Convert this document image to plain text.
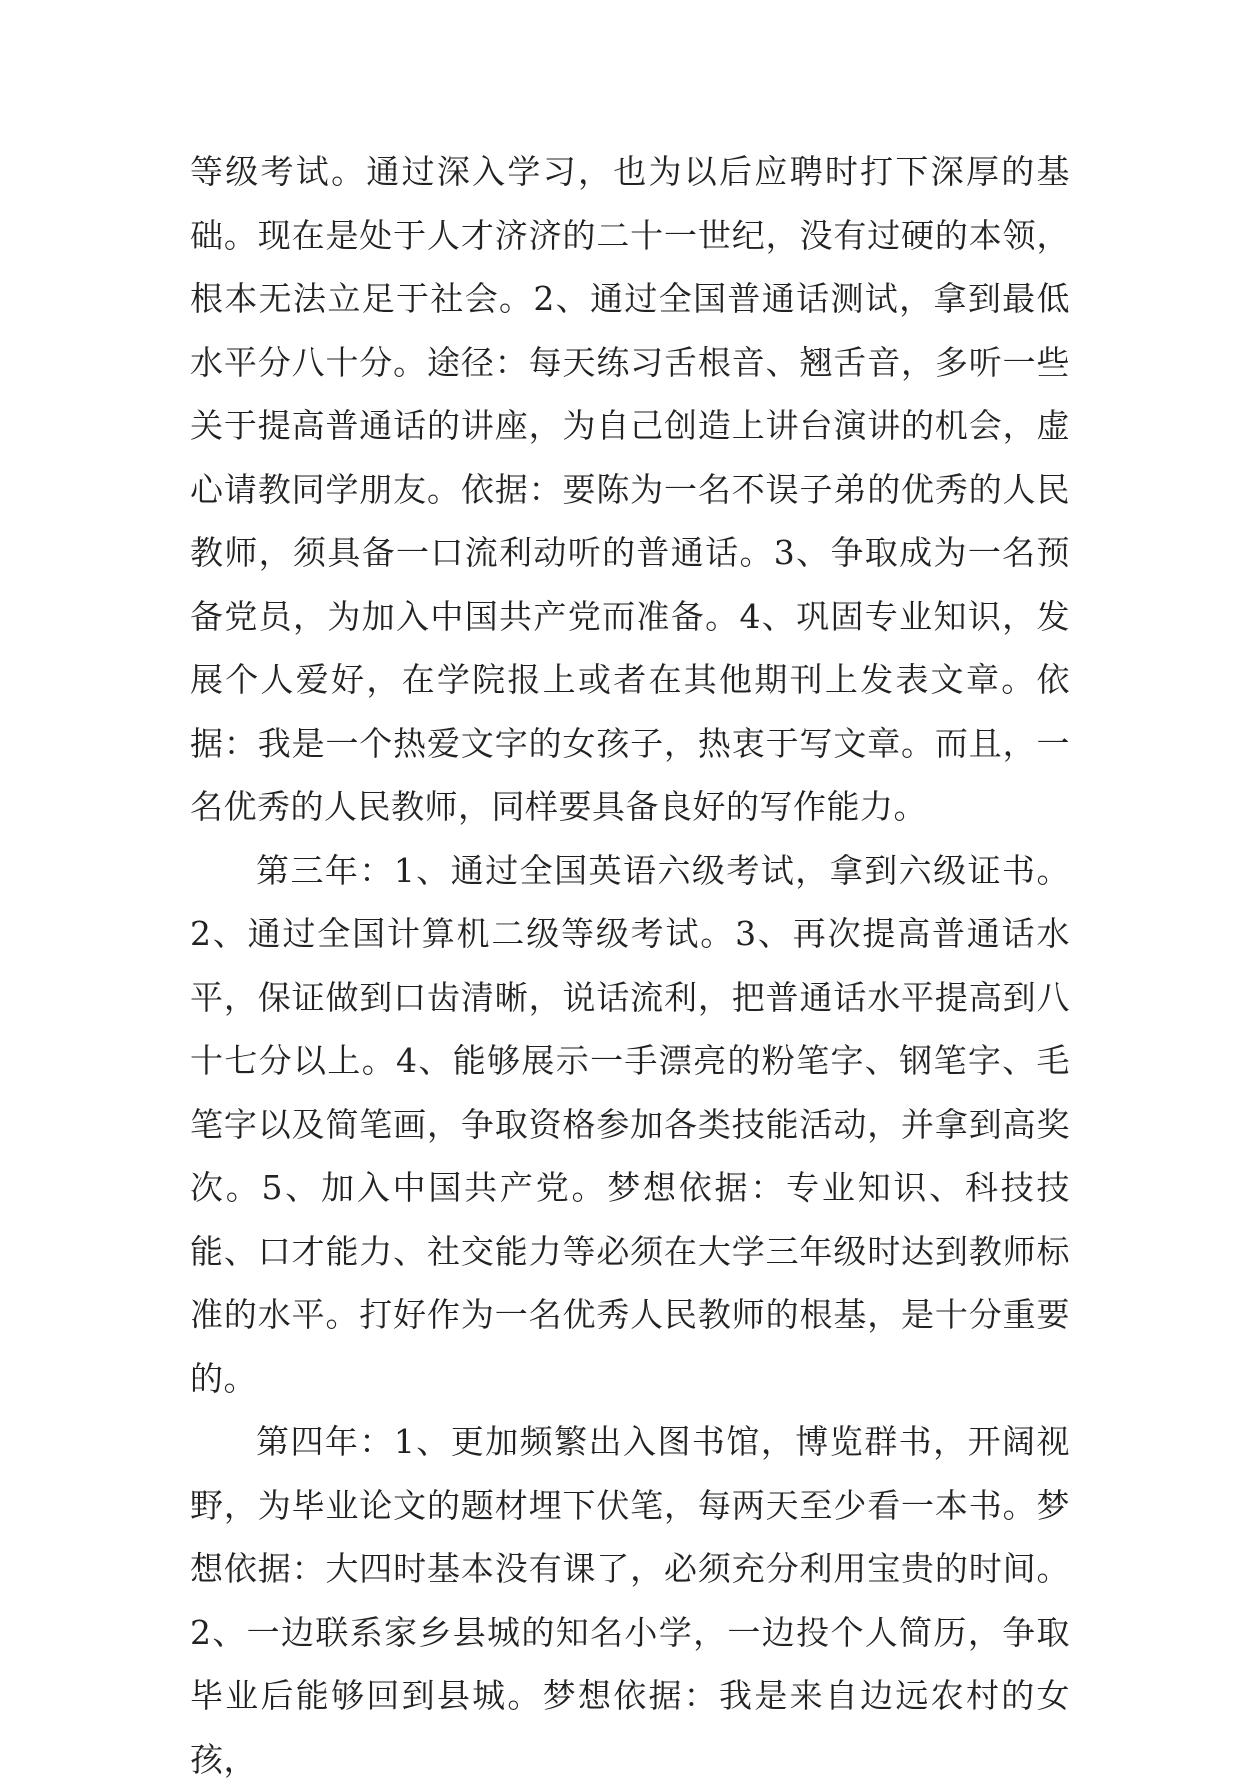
等级考试。通过深入学习，也为以后应聘时打下深厚的基础。现在是处于人才济济的二十一世纪，没有过硬的本领，根本无法立足于社会。2、通过全国普通话测试，拿到最低水平分八十分。途径：每天练习舌根音、翘舌音，多听一些关于提高普通话的讲座，为自己创造上讲台演讲的机会，虚心请教同学朋友。依据：要陈为一名不误子弟的优秀的人民教师，须具备一口流利动听的普通话。3、争取成为一名预备党员，为加入中国共产党而准备。4、巩固专业知识，发展个人爱好，在学院报上或者在其他期刊上发表文章。依据：我是一个热爱文字的女孩子，热衷于写文章。而且，一名优秀的人民教师，同样要具备良好的写作能力。

第三年：1、通过全国英语六级考试，拿到六级证书。2、通过全国计算机二级等级考试。3、再次提高普通话水平，保证做到口齿清晰，说话流利，把普通话水平提高到八十七分以上。4、能够展示一手漂亮的粉笔字、钢笔字、毛笔字以及简笔画，争取资格参加各类技能活动，并拿到高奖次。5、加入中国共产党。梦想依据：专业知识、科技技能、口才能力、社交能力等必须在大学三年级时达到教师标准的水平。打好作为一名优秀人民教师的根基，是十分重要的。

第四年：1、更加频繁出入图书馆，博览群书，开阔视野，为毕业论文的题材埋下伏笔，每两天至少看一本书。梦想依据：大四时基本没有课了，必须充分利用宝贵的时间。2、一边联系家乡县城的知名小学，一边投个人简历，争取毕业后能够回到县城。梦想依据：我是来自边远农村的女孩，
